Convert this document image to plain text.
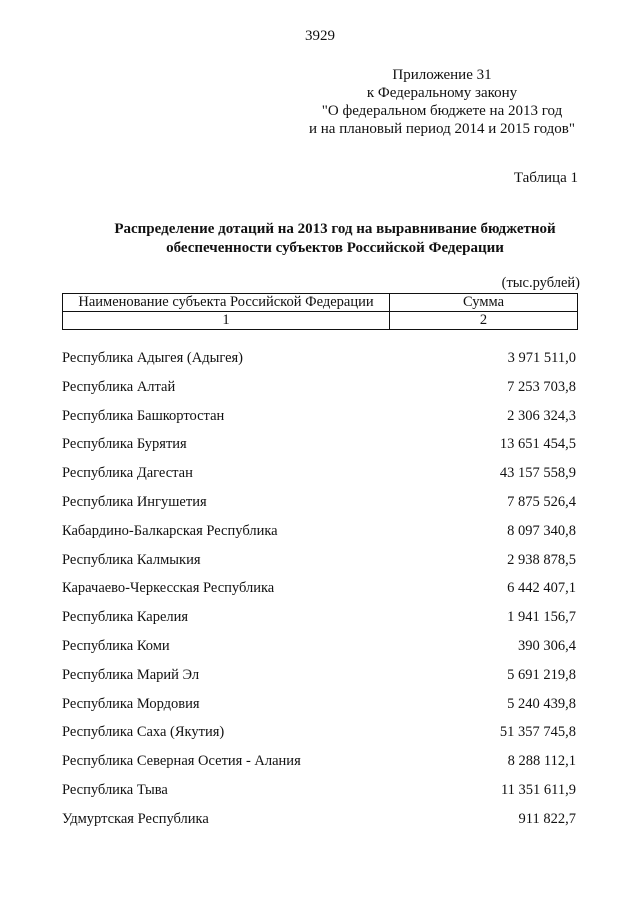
3929
Приложение 31
к Федеральному закону
"О федеральном бюджете на 2013 год
и на плановый период 2014 и 2015 годов"
Таблица 1
Распределение дотаций на 2013 год на выравнивание бюджетной
обеспеченности субъектов Российской Федерации
(тыс.рублей)
Наименование субъекта Российской Федерации	Сумма
1	2
Республика Адыгея (Адыгея)	3 971 511,0
Республика Алтай	7 253 703,8
Республика Башкортостан	2 306 324,3
Республика Бурятия	13 651 454,5
Республика Дагестан	43 157 558,9
Республика Ингушетия	7 875 526,4
Кабардино-Балкарская Республика	8 097 340,8
Республика Калмыкия	2 938 878,5
Карачаево-Черкесская Республика	6 442 407,1
Республика Карелия	1 941 156,7
Республика Коми	390 306,4
Республика Марий Эл	5 691 219,8
Республика Мордовия	5 240 439,8
Республика Саха (Якутия)	51 357 745,8
Республика Северная Осетия - Алания	8 288 112,1
Республика Тыва	11 351 611,9
Удмуртская Республика	911 822,7
